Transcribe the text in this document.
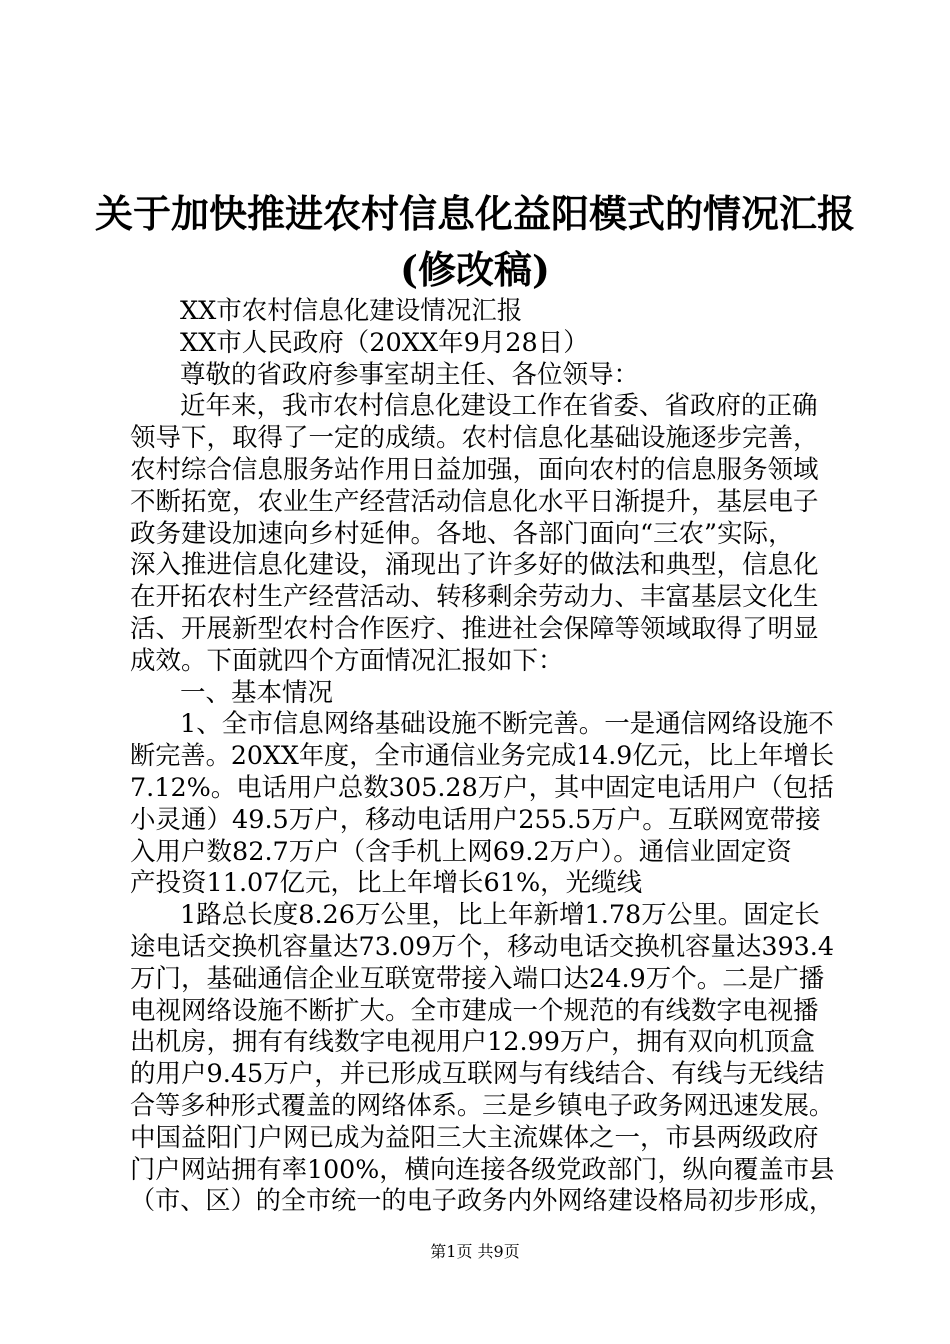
关于加快推进农村信息化益阳模式的情况汇报
(修改稿)
XX市农村信息化建设情况汇报
XX市人民政府（20XX年9月28日）
尊敬的省政府参事室胡主任、各位领导：
近年来，我市农村信息化建设工作在省委、省政府的正确
领导下，取得了一定的成绩。农村信息化基础设施逐步完善，
农村综合信息服务站作用日益加强，面向农村的信息服务领域
不断拓宽，农业生产经营活动信息化水平日渐提升，基层电子
政务建设加速向乡村延伸。各地、各部门面向“三农”实际，
深入推进信息化建设，涌现出了许多好的做法和典型，信息化
在开拓农村生产经营活动、转移剩余劳动力、丰富基层文化生
活、开展新型农村合作医疗、推进社会保障等领域取得了明显
成效。下面就四个方面情况汇报如下：
一、基本情况
1、全市信息网络基础设施不断完善。一是通信网络设施不
断完善。20XX年度，全市通信业务完成14.9亿元，比上年增长
7.12%。电话用户总数305.28万户，其中固定电话用户（包括
小灵通）49.5万户，移动电话用户255.5万户。互联网宽带接
入用户数82.7万户（含手机上网69.2万户）。通信业固定资
产投资11.07亿元，比上年增长61%，光缆线
1路总长度8.26万公里，比上年新增1.78万公里。固定长
途电话交换机容量达73.09万个，移动电话交换机容量达393.4
万门，基础通信企业互联宽带接入端口达24.9万个。二是广播
电视网络设施不断扩大。全市建成一个规范的有线数字电视播
出机房，拥有有线数字电视用户12.99万户，拥有双向机顶盒
的用户9.45万户，并已形成互联网与有线结合、有线与无线结
合等多种形式覆盖的网络体系。三是乡镇电子政务网迅速发展。
中国益阳门户网已成为益阳三大主流媒体之一，市县两级政府
门户网站拥有率100%，横向连接各级党政部门，纵向覆盖市县
（市、区）的全市统一的电子政务内外网络建设格局初步形成，
第1页 共9页
